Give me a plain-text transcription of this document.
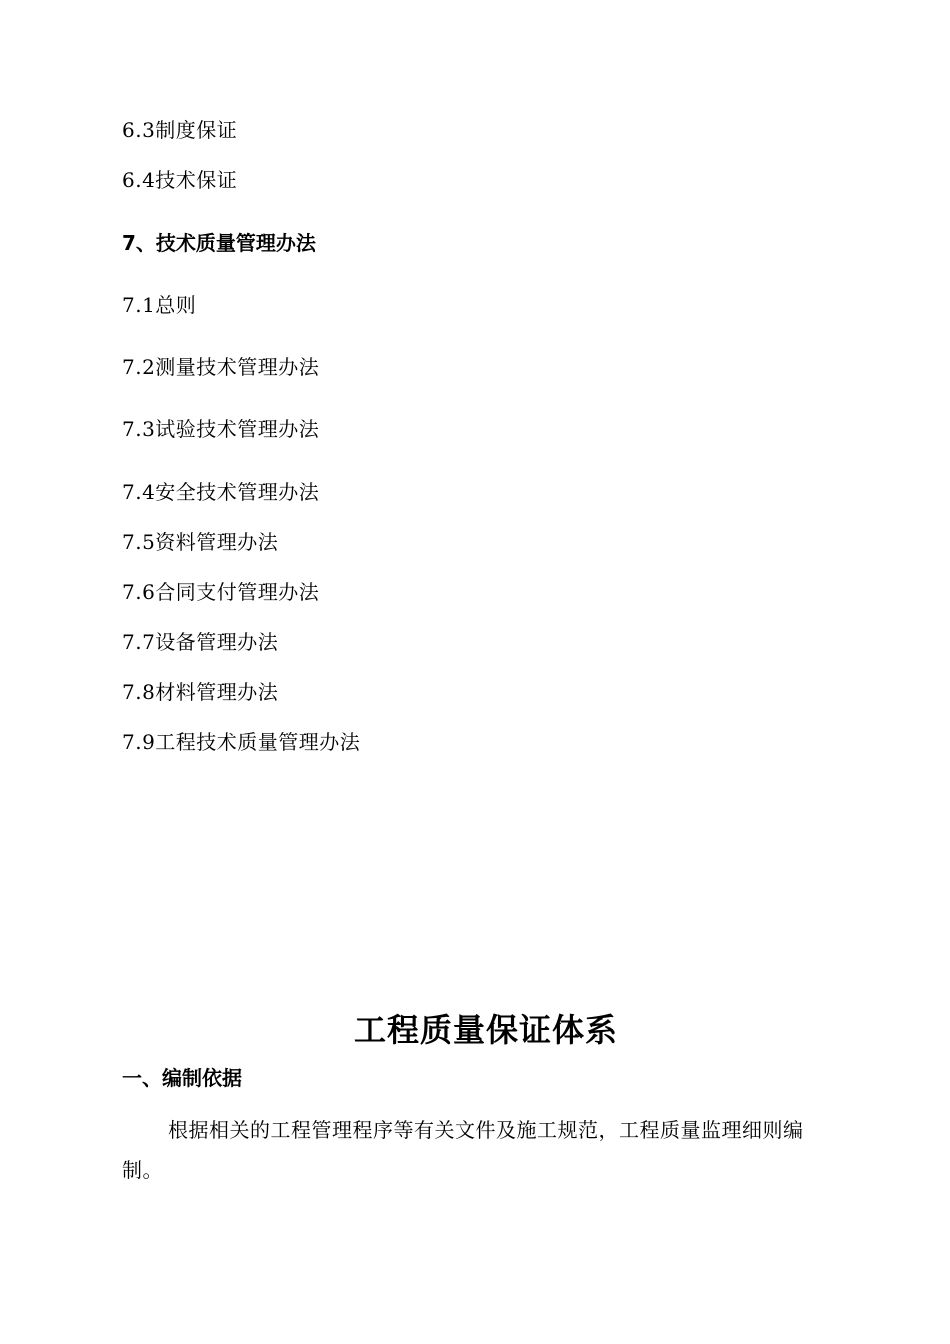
6.3制度保证
6.4技术保证
7、技术质量管理办法
7.1总则
7.2测量技术管理办法
7.3试验技术管理办法
7.4安全技术管理办法
7.5资料管理办法
7.6合同支付管理办法
7.7设备管理办法
7.8材料管理办法
7.9工程技术质量管理办法
工程质量保证体系
一、编制依据
根据相关的工程管理程序等有关文件及施工规范，工程质量监理细则编制。
